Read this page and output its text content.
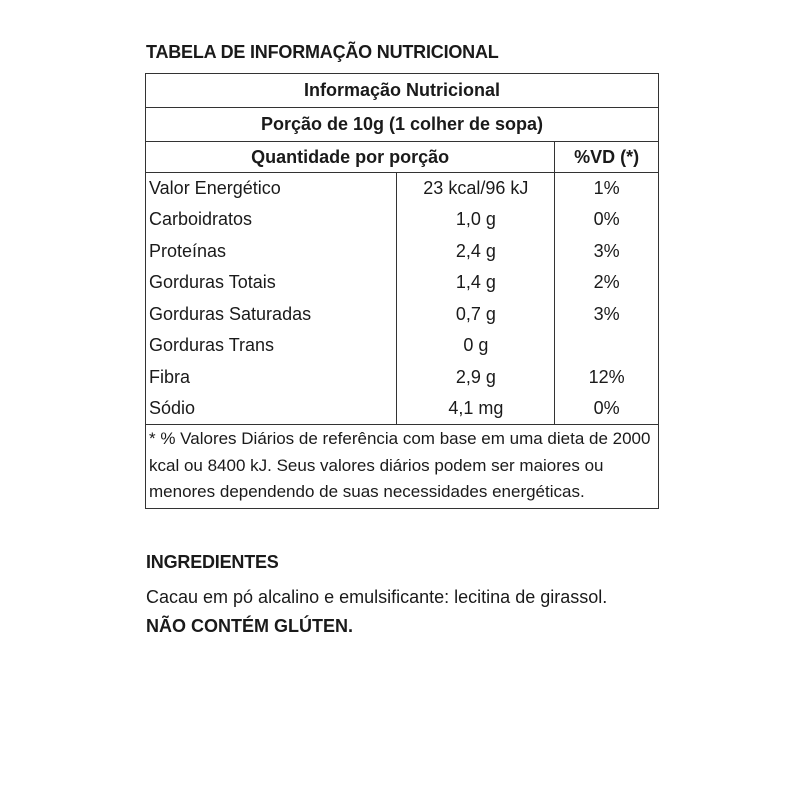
TABELA DE INFORMAÇÃO NUTRICIONAL
Informação Nutricional		
Porção de 10g (1 colher de sopa)		
Quantidade por porção		%VD (*)
Valor Energético	23 kcal/96 kJ	1%
Carboidratos	1,0 g	0%
Proteínas	2,4 g	3%
Gorduras Totais	1,4 g	2%
Gorduras Saturadas	0,7 g	3%
Gorduras Trans	0 g	
Fibra	2,9 g	12%
Sódio	4,1 mg	0%
* % Valores Diários de referência com base em uma dieta de 2000 kcal ou 8400 kJ. Seus valores diários podem ser maiores ou menores dependendo de suas necessidades energéticas.		
INGREDIENTES
Cacau em pó alcalino e emulsificante: lecitina de girassol. NÃO CONTÉM GLÚTEN.
